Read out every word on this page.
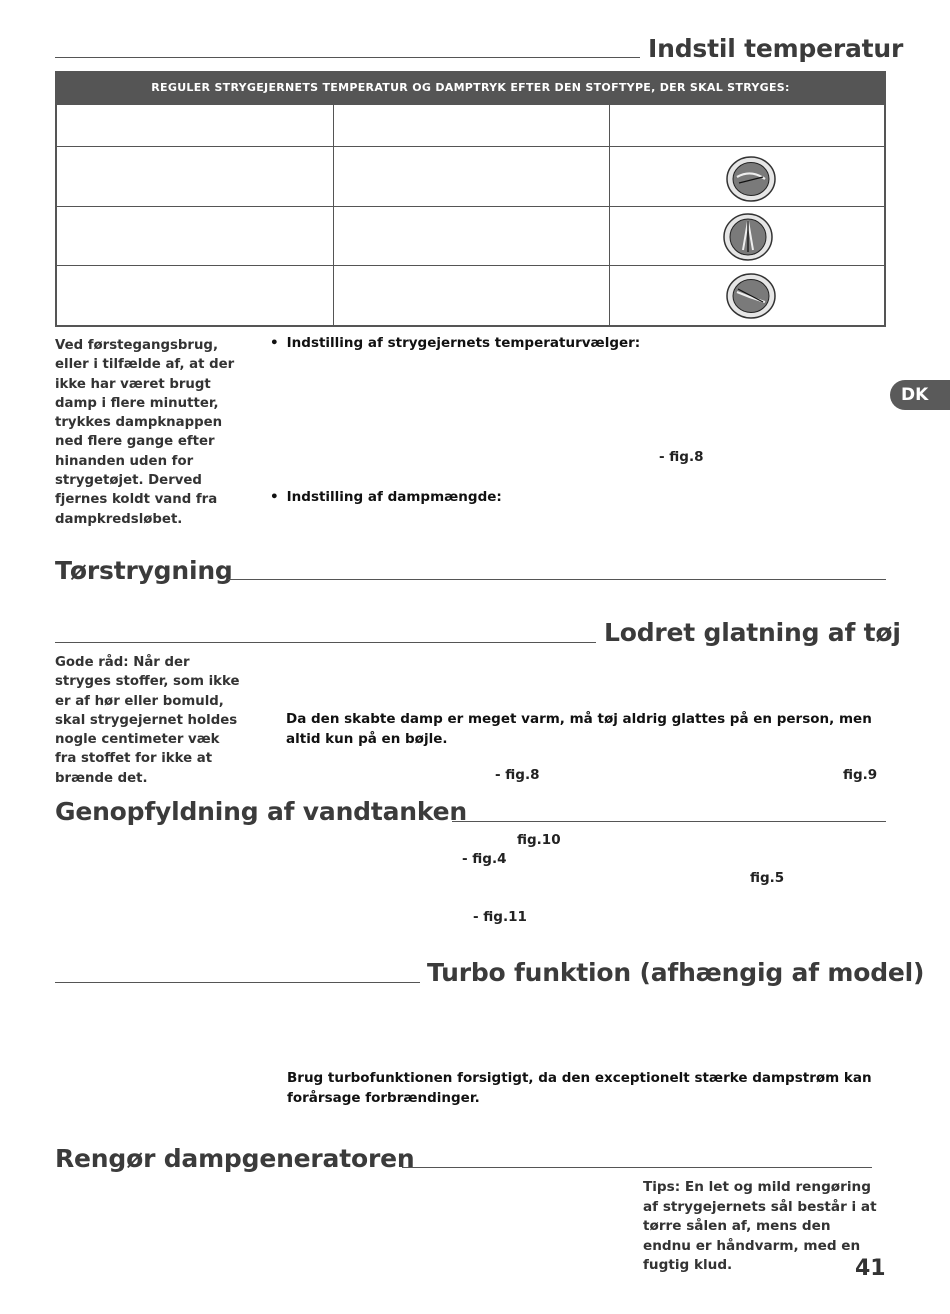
Indstil temperatur
REGULER STRYGEJERNETS TEMPERATUR OG DAMPTRYK EFTER DEN STOFTYPE, DER SKAL STRYGES:
Ved førstegangsbrug, eller i tilfælde af, at der ikke har været brugt damp i flere minutter, trykkes dampknappen ned flere gange efter hinanden uden for strygetøjet. Derved fjernes koldt vand fra dampkredsløbet.
• Indstilling af strygejernets temperaturvælger:
- fig.8
• Indstilling af dampmængde:
DK
Tørstrygning
Lodret glatning af tøj
Gode råd: Når der stryges stoffer, som ikke er af hør eller bomuld, skal strygejernet holdes nogle centimeter væk fra stoffet for ikke at brænde det.
Da den skabte damp er meget varm, må tøj aldrig glattes på en person, men altid kun på en bøjle.
- fig.8	fig.9
Genopfyldning af vandtanken
fig.10
- fig.4
fig.5
- fig.11
Turbo funktion (afhængig af model)
Brug turbofunktionen forsigtigt, da den exceptionelt stærke dampstrøm kan forårsage forbrændinger.
Rengør dampgeneratoren
Tips: En let og mild rengøring af strygejernets sål består i at tørre sålen af, mens den endnu er håndvarm, med en fugtig klud.	41
